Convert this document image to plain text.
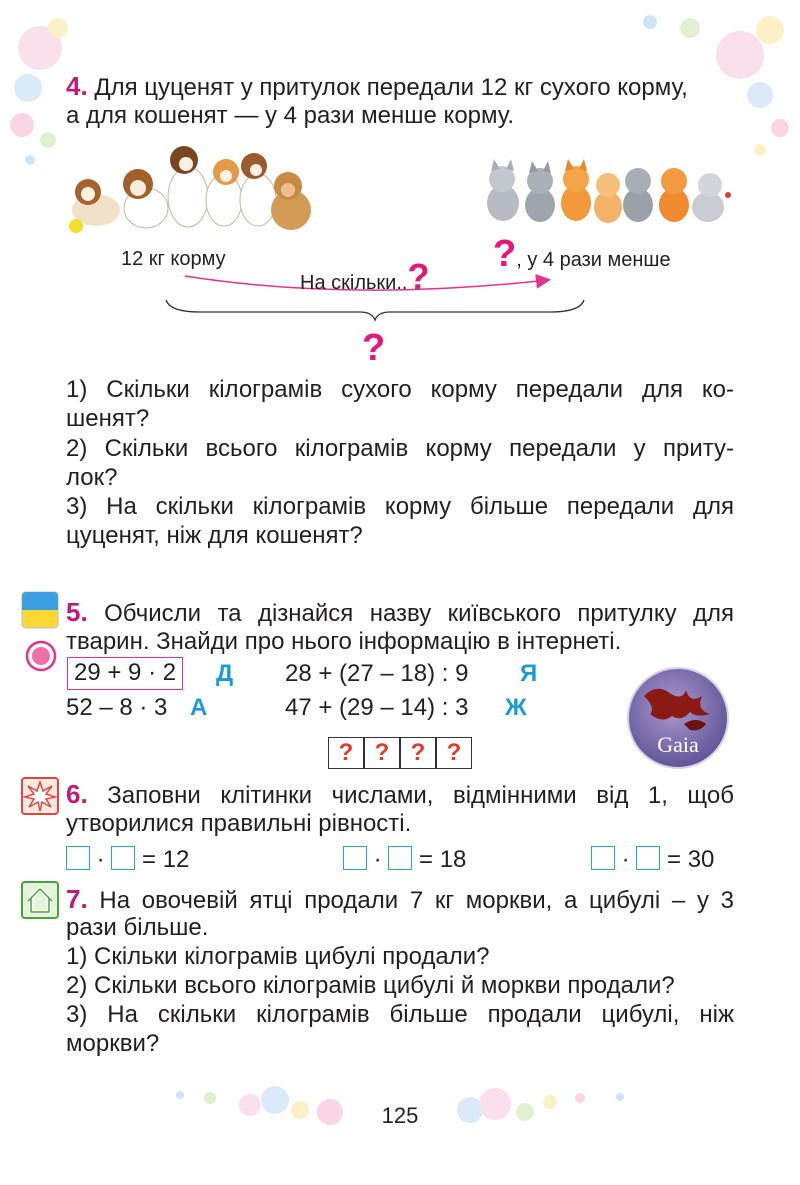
4. Для цуценят у притулок передали 12 кг сухого корму,
а для кошенят — у 4 рази менше корму.
12 кг корму	?, у 4 рази менше
На скільки..?
?
1) Скільки кілограмів сухого корму передали для ко-
шенят?
2) Скільки всього кілограмів корму передали у приту-
лок?
3) На скільки кілограмів корму більше передали для
цуценят, ніж для кошенят?
5. Обчисли та дізнайся назву київського притулку для
тварин. Знайди про нього інформацію в інтернеті.
29 + 9 · 2 Д 28 + (27 – 18) : 9 Я
52 – 8 · 3 А	47 + (29 – 14) : 3 Ж
? ? ? ?	Gaia
6. Заповни клітинки числами, відмінними від 1, щоб
утворилися правильні рівності.
· = 12	· = 18	· = 30
7. На овочевій ятці продали 7 кг моркви, а цибулі – у 3
рази більше.
1) Скільки кілограмів цибулі продали?
2) Скільки всього кілограмів цибулі й моркви продали?
3) На скільки кілограмів більше продали цибулі, ніж
моркви?
125
